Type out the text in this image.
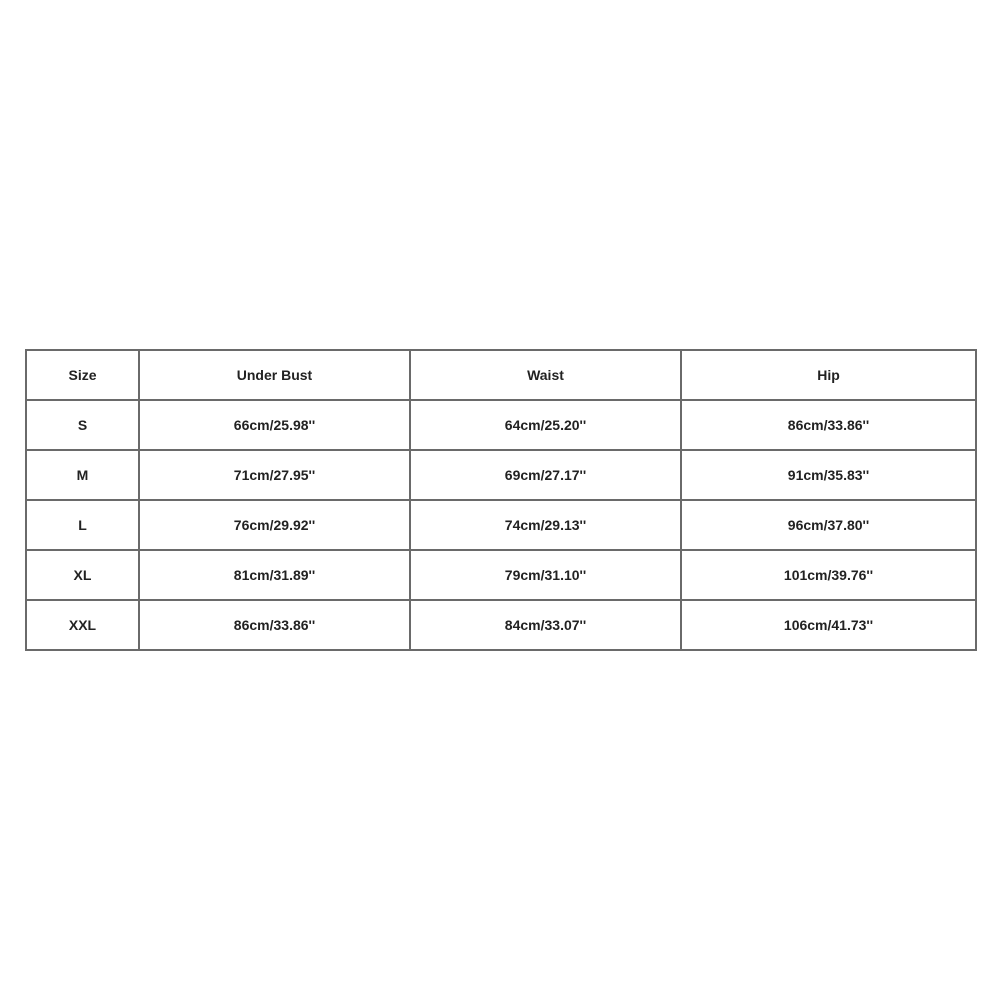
Size	Under Bust	Waist	Hip
S	66cm/25.98''	64cm/25.20''	86cm/33.86''
M	71cm/27.95''	69cm/27.17''	91cm/35.83''
L	76cm/29.92''	74cm/29.13''	96cm/37.80''
XL	81cm/31.89''	79cm/31.10''	101cm/39.76''
XXL	86cm/33.86''	84cm/33.07''	106cm/41.73''
